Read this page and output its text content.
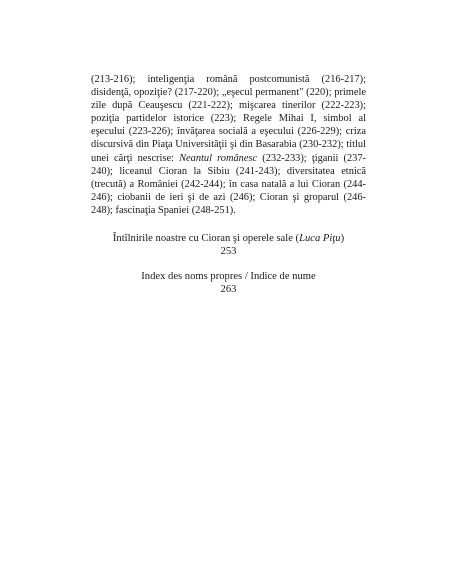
(213-216); inteligenţia română postcomunistă (216-217); disidenţă, opoziţie? (217-220); „eşecul permanent" (220); primele zile după Ceauşescu (221-222); mişcarea tinerilor (222-223); poziţia partidelor istorice (223); Regele Mihai I, simbol al eşecului (223-226); învăţarea socială a eşecului (226-229); criza discursivă din Piaţa Universităţii şi din Basarabia (230-232); titlul unei cărţi nescrise: Neantul românesc (232-233); ţiganii (237-240); liceanul Cioran la Sibiu (241-243); diversitatea etnică (trecută) a României (242-244); în casa natală a lui Cioran (244-246); ciobanii de ieri şi de azi (246); Cioran şi groparul (246-248); fascinaţia Spaniei (248-251).

Întîlnirile noastre cu Cioran şi operele sale (Luca Piţu)
253
Index des noms propres / Indice de nume
263
